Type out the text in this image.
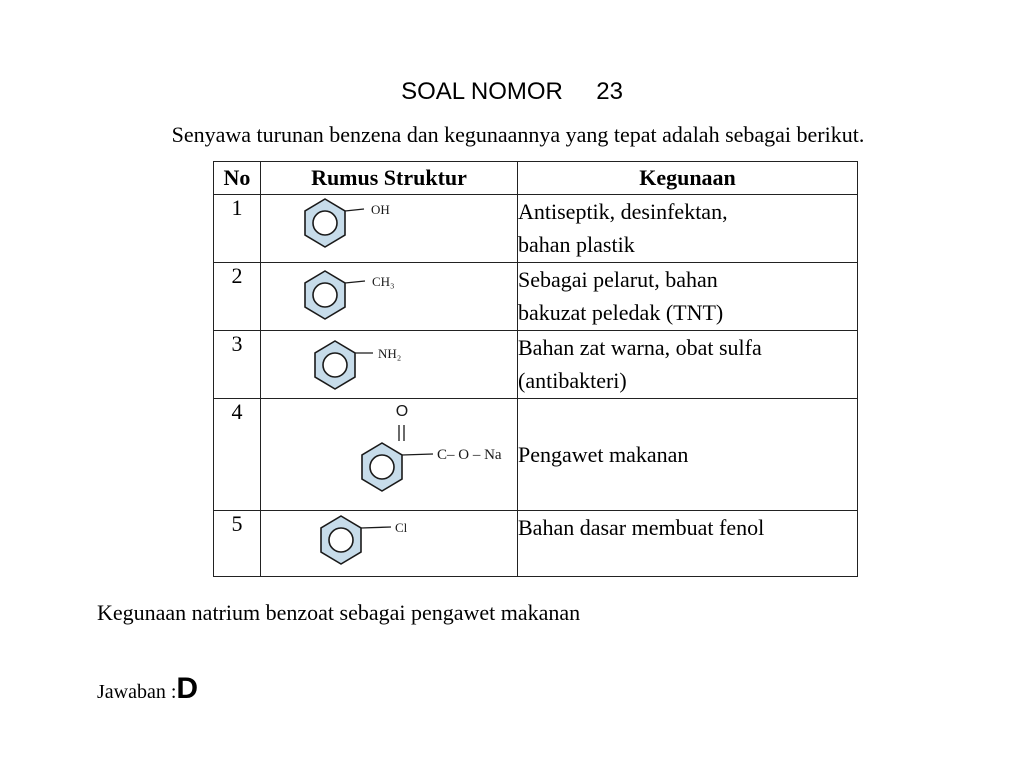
SOAL NOMOR     23
Senyawa turunan benzena dan kegunaannya yang tepat adalah sebagai berikut.
No	Rumus Struktur	Kegunaan
1	OH	Antiseptik, desinfektan,
bahan plastik

2	CH₃	Sebagai pelarut, bahan
bakuzat peledak (TNT)

3	NH₂	Bahan zat warna, obat sulfa
(antibakteri)

4	O
C– O – Na	Pengawet makanan

5	Cl	Bahan dasar membuat fenol
Kegunaan natrium benzoat sebagai pengawet makanan
Jawaban :D
